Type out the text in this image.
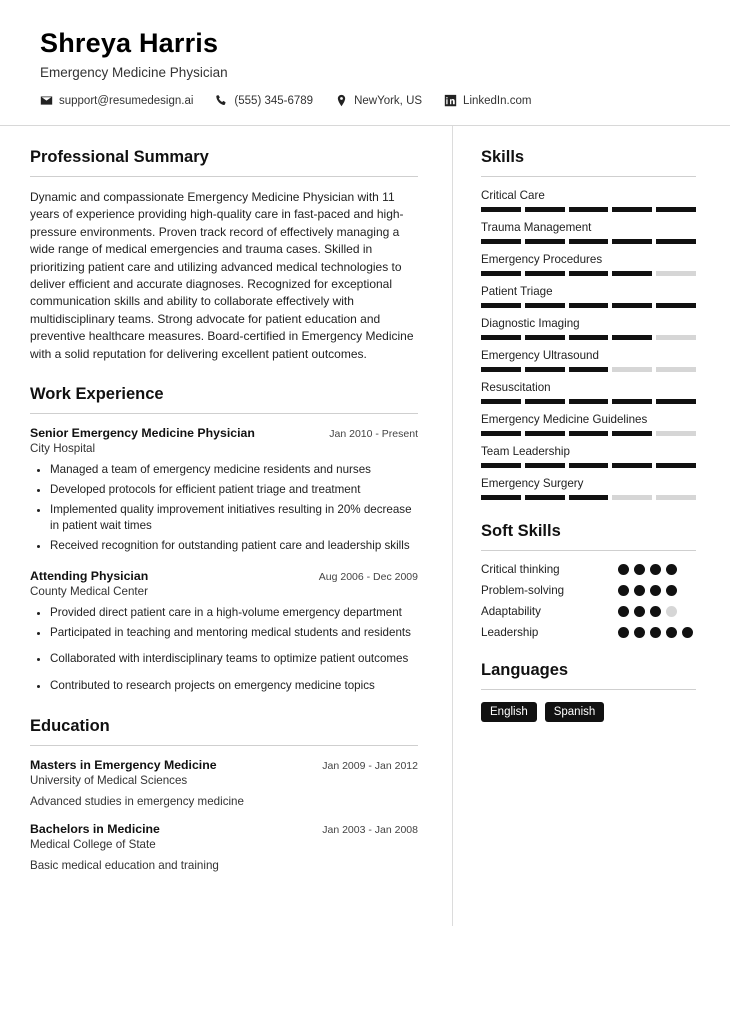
Shreya Harris
Emergency Medicine Physician
support@resumedesign.ai	(555) 345-6789	NewYork, US	LinkedIn.com
Professional Summary
Dynamic and compassionate Emergency Medicine Physician with 11 years of experience providing high-quality care in fast-paced and high-pressure environments. Proven track record of effectively managing a wide range of medical emergencies and trauma cases. Skilled in prioritizing patient care and utilizing advanced medical technologies to deliver efficient and accurate diagnoses. Recognized for exceptional communication skills and ability to collaborate effectively with multidisciplinary teams. Strong advocate for patient education and preventive healthcare measures. Board-certified in Emergency Medicine with a solid reputation for delivering excellent patient outcomes.
Work Experience
Senior Emergency Medicine Physician	Jan 2010 - Present
City Hospital
• Managed a team of emergency medicine residents and nurses
• Developed protocols for efficient patient triage and treatment
• Implemented quality improvement initiatives resulting in 20% decrease in patient wait times
• Received recognition for outstanding patient care and leadership skills
Attending Physician	Aug 2006 - Dec 2009
County Medical Center
• Provided direct patient care in a high-volume emergency department
• Participated in teaching and mentoring medical students and residents
• Collaborated with interdisciplinary teams to optimize patient outcomes
• Contributed to research projects on emergency medicine topics
Education
Masters in Emergency Medicine	Jan 2009 - Jan 2012
University of Medical Sciences
Advanced studies in emergency medicine
Bachelors in Medicine	Jan 2003 - Jan 2008
Medical College of State
Basic medical education and training
Skills
Critical Care
Trauma Management
Emergency Procedures
Patient Triage
Diagnostic Imaging
Emergency Ultrasound
Resuscitation
Emergency Medicine Guidelines
Team Leadership
Emergency Surgery
Soft Skills
Critical thinking
Problem-solving
Adaptability
Leadership
Languages
English	Spanish
